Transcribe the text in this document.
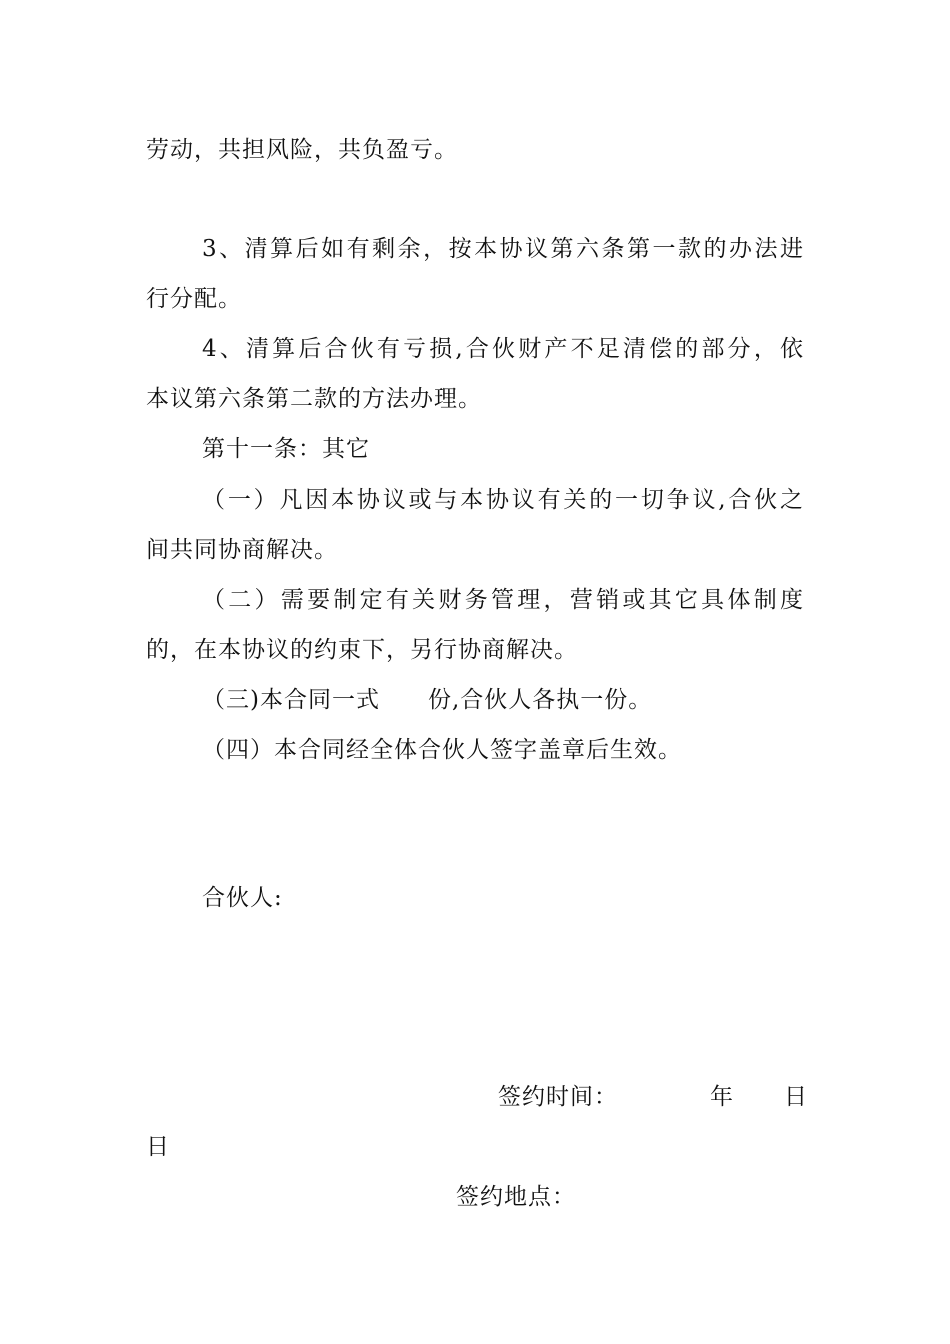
劳动，共担风险，共负盈亏。
3、清算后如有剩余，按本协议第六条第一款的办法进
行分配。
4、清算后合伙有亏损,合伙财产不足清偿的部分，依
本议第六条第二款的方法办理。
第十一条：其它
（一）凡因本协议或与本协议有关的一切争议,合伙之
间共同协商解决。
（二）需要制定有关财务管理，营销或其它具体制度
的，在本协议的约束下，另行协商解决。
（三)本合同一式　　份,合伙人各执一份。
（四）本合同经全体合伙人签字盖章后生效。
合伙人:
签约时间：	年 日
日
签约地点：
